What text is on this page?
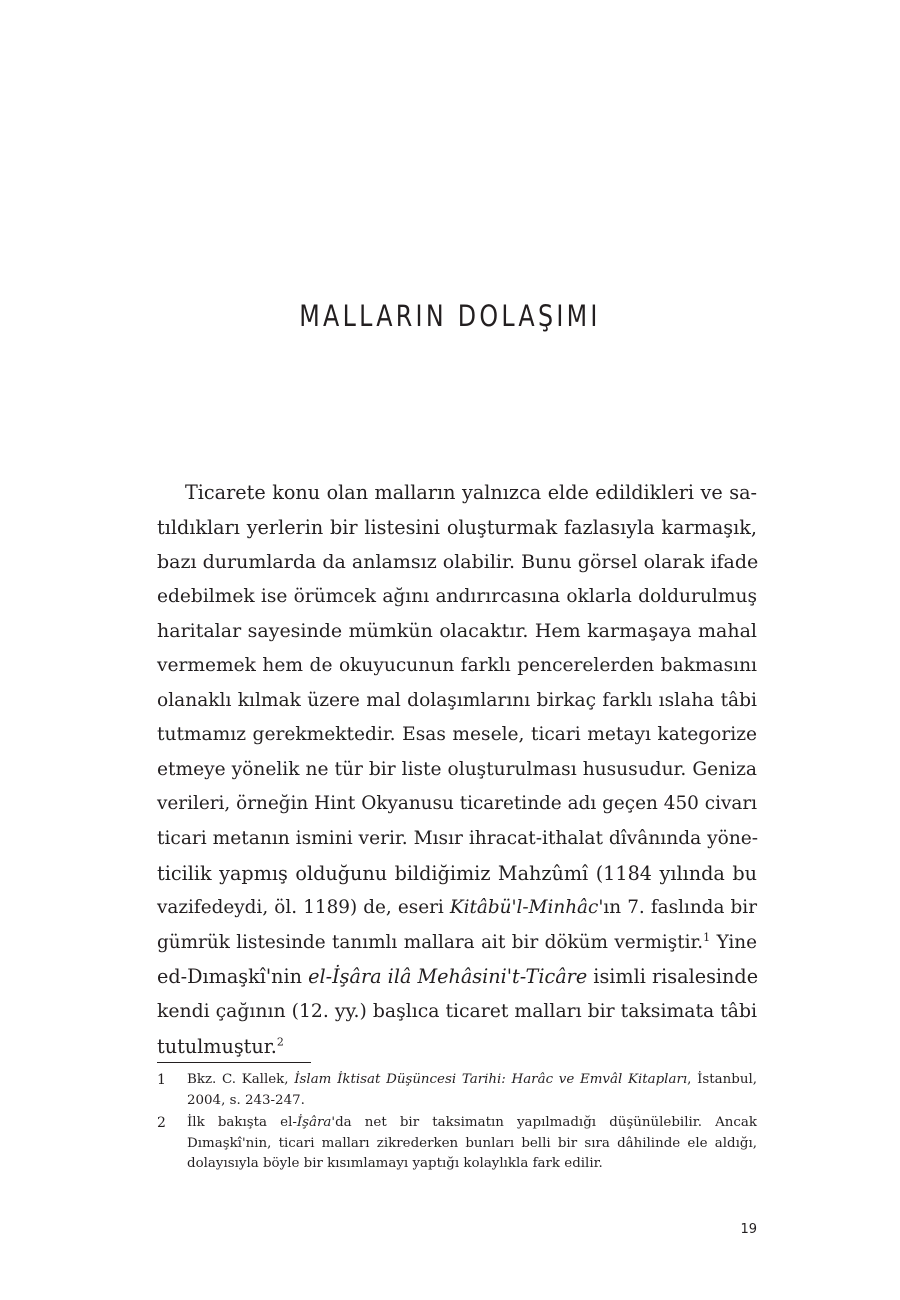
MALLARIN DOLAŞIMI
Ticarete konu olan malların yalnızca elde edildikleri ve sa-
tıldıkları yerlerin bir listesini oluşturmak fazlasıyla karmaşık,
bazı durumlarda da anlamsız olabilir. Bunu görsel olarak ifade
edebilmek ise örümcek ağını andırırcasına oklarla doldurulmuş
haritalar sayesinde mümkün olacaktır. Hem karmaşaya mahal
vermemek hem de okuyucunun farklı pencerelerden bakmasını
olanaklı kılmak üzere mal dolaşımlarını birkaç farklı ıslaha tâbi
tutmamız gerekmektedir. Esas mesele, ticari metayı kategorize
etmeye yönelik ne tür bir liste oluşturulması hususudur. Geniza
verileri, örneğin Hint Okyanusu ticaretinde adı geçen 450 civarı
ticari metanın ismini verir. Mısır ihracat-ithalat dîvânında yöne-
ticilik yapmış olduğunu bildiğimiz Mahzûmî (1184 yılında bu
vazifedeydi, öl. 1189) de, eseri Kitâbü'l-Minhâc'ın 7. faslında bir
gümrük listesinde tanımlı mallara ait bir döküm vermiştir.$^1$ Yine
ed-Dımaşkî'nin el-İşâra ilâ Mehâsini't-Ticâre isimli risalesinde
kendi çağının (12. yy.) başlıca ticaret malları bir taksimata tâbi
tutulmuştur.$^2$
1 Bkz. C. Kallek, İslam İktisat Düşüncesi Tarihi: Harâc ve Emvâl Kitapları, İstanbul,
2004, s. 243-247.
2 İlk bakışta el-İşâra'da net bir taksimatın yapılmadığı düşünülebilir. Ancak
Dımaşkî'nin, ticari malları zikrederken bunları belli bir sıra dâhilinde ele aldığı,
dolayısıyla böyle bir kısımlamayı yaptığı kolaylıkla fark edilir.
19
